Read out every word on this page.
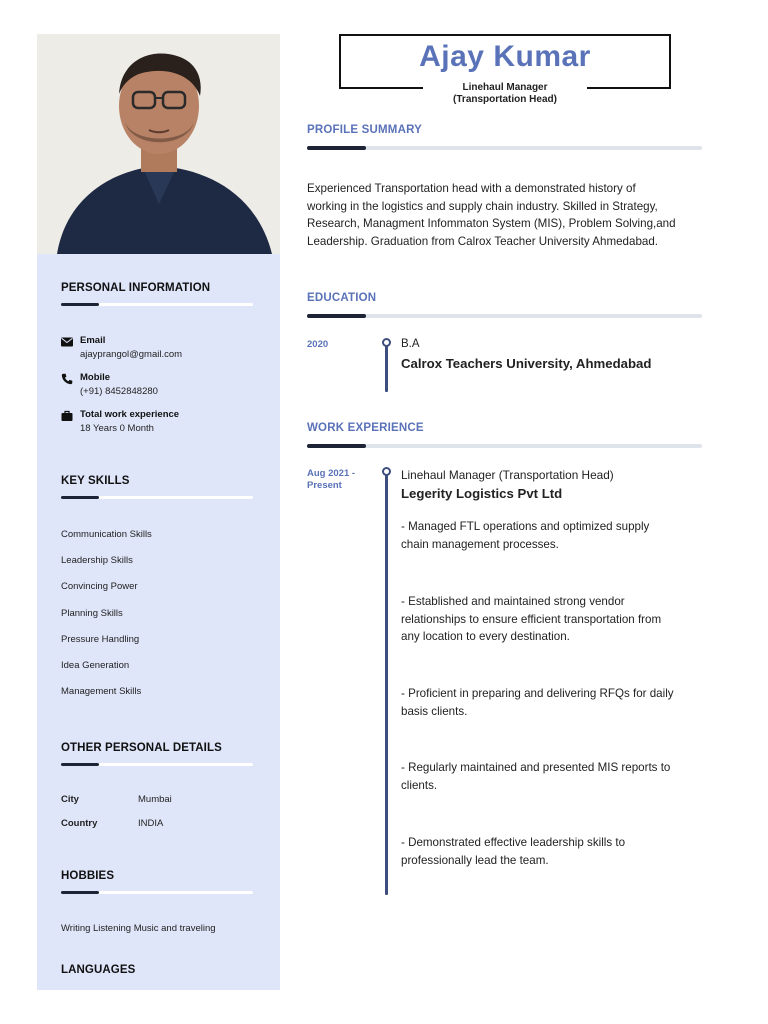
PERSONAL INFORMATION
Email
ajayprangol@gmail.com
Mobile
(+91) 8452848280
Total work experience
18 Years 0 Month
KEY SKILLS
Communication Skills
Leadership Skills
Convincing Power
Planning Skills
Pressure Handling
Idea Generation
Management Skills
OTHER PERSONAL DETAILS
City	Mumbai
Country	INDIA
HOBBIES
Writing Listening Music and traveling
LANGUAGES
Ajay Kumar
Linehaul Manager
(Transportation Head)
PROFILE SUMMARY
Experienced Transportation head with a demonstrated history of
working in the logistics and supply chain industry. Skilled in Strategy,
Research, Managment Infommaton System (MIS), Problem Solving,and
Leadership. Graduation from Calrox Teacher University Ahmedabad.
EDUCATION
2020	B.A
Calrox Teachers University, Ahmedabad
WORK EXPERIENCE
Aug 2021 -
Present
Linehaul Manager (Transportation Head)
Legerity Logistics Pvt Ltd
- Managed FTL operations and optimized supply
chain management processes.
- Established and maintained strong vendor
relationships to ensure efficient transportation from
any location to every destination.
- Proficient in preparing and delivering RFQs for daily
basis clients.
- Regularly maintained and presented MIS reports to
clients.
- Demonstrated effective leadership skills to
professionally lead the team.
